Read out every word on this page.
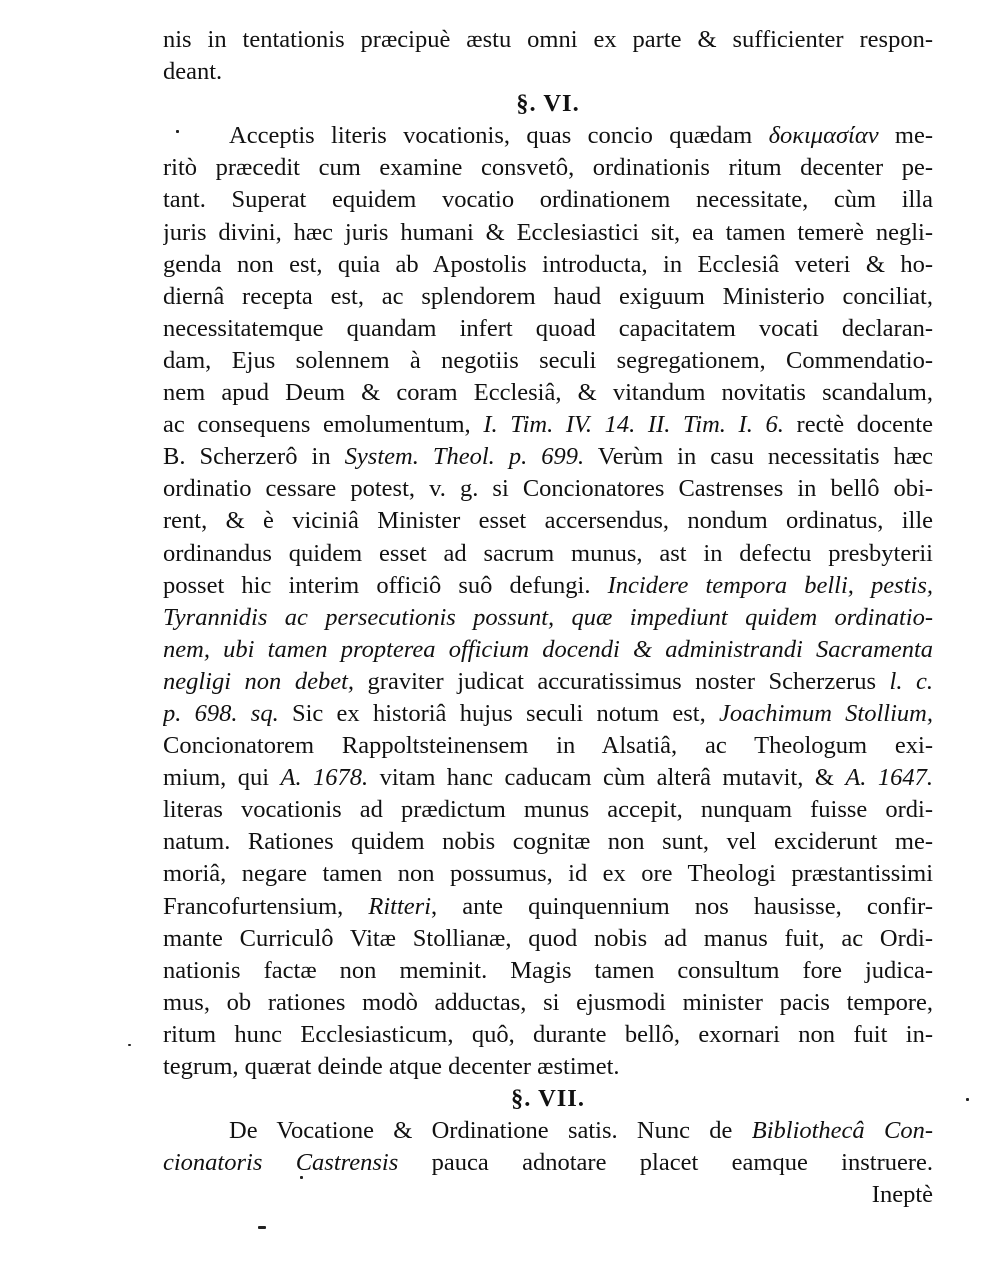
nis in tentationis præcipuè æstu omni ex parte & sufficienter respon-
deant.
§. VI.
Acceptis literis vocationis, quas concio quædam δοκιμασίαν me-
ritò præcedit cum examine consvetô, ordinationis ritum decenter pe-
tant. Superat equidem vocatio ordinationem necessitate, cùm illa
juris divini, hæc juris humani & Ecclesiastici sit, ea tamen temerè negli-
genda non est, quia ab Apostolis introducta, in Ecclesiâ veteri & ho-
diernâ recepta est, ac splendorem haud exiguum Ministerio conciliat,
necessitatemque quandam infert quoad capacitatem vocati declaran-
dam, Ejus solennem à negotiis seculi segregationem, Commendatio-
nem apud Deum & coram Ecclesiâ, & vitandum novitatis scandalum,
ac consequens emolumentum, I. Tim. IV. 14. II. Tim. I. 6. rectè docente
B. Scherzerô in System. Theol. p. 699. Verùm in casu necessitatis hæc
ordinatio cessare potest, v. g. si Concionatores Castrenses in bellô obi-
rent, & è viciniâ Minister esset accersendus, nondum ordinatus, ille
ordinandus quidem esset ad sacrum munus, ast in defectu presbyterii
posset hic interim officiô suô defungi. Incidere tempora belli, pestis,
Tyrannidis ac persecutionis possunt, quæ impediunt quidem ordinatio-
nem, ubi tamen propterea officium docendi & administrandi Sacramenta
negligi non debet, graviter judicat accuratissimus noster Scherzerus l. c.
p. 698. sq. Sic ex historiâ hujus seculi notum est, Joachimum Stollium,
Concionatorem Rappoltsteinensem in Alsatiâ, ac Theologum exi-
mium, qui A. 1678. vitam hanc caducam cùm alterâ mutavit, & A. 1647.
literas vocationis ad prædictum munus accepit, nunquam fuisse ordi-
natum. Rationes quidem nobis cognitæ non sunt, vel exciderunt me-
moriâ, negare tamen non possumus, id ex ore Theologi præstantissimi
Francofurtensium, Ritteri, ante quinquennium nos hausisse, confir-
mante Curriculô Vitæ Stollianæ, quod nobis ad manus fuit, ac Ordi-
nationis factæ non meminit. Magis tamen consultum fore judica-
mus, ob rationes modò adductas, si ejusmodi minister pacis tempore,
ritum hunc Ecclesiasticum, quô, durante bellô, exornari non fuit in-
tegrum, quærat deinde atque decenter æstimet.
§. VII.
De Vocatione & Ordinatione satis. Nunc de Bibliothecâ Con-
cionatoris Castrensis pauca adnotare placet eamque instruere.
Ineptè
